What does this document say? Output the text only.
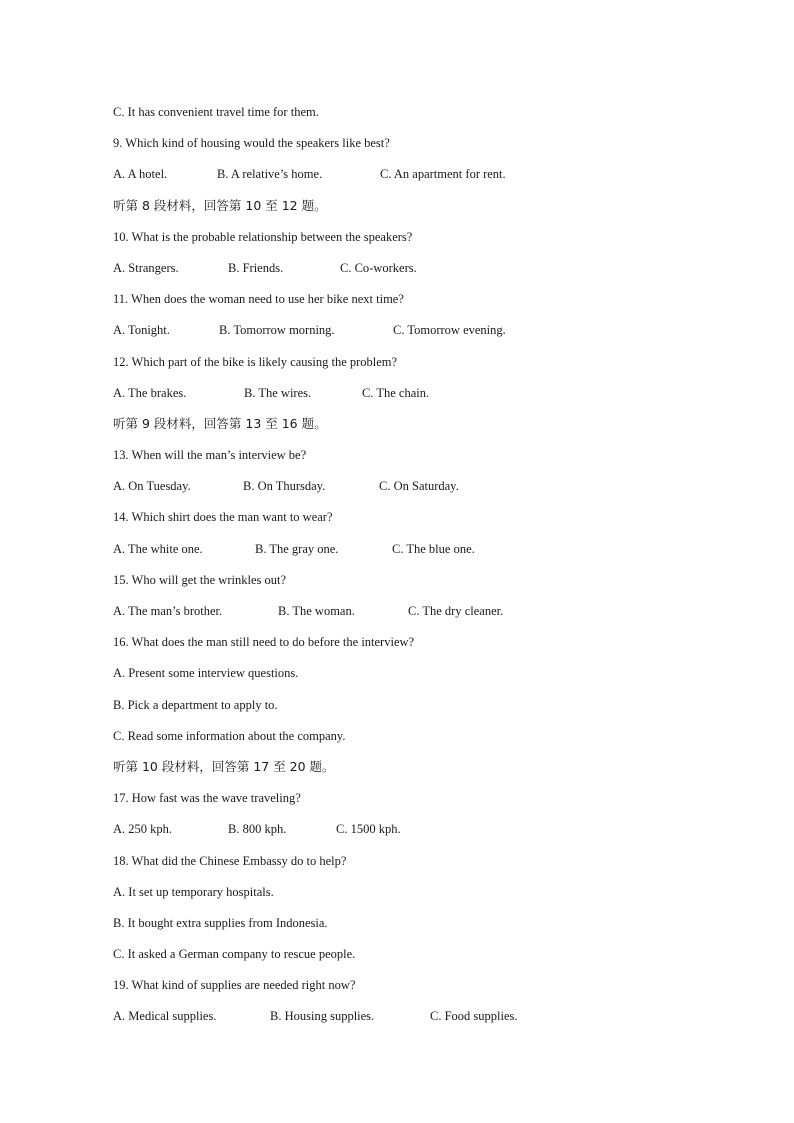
C. It has convenient travel time for them.
9. Which kind of housing would the speakers like best?
A. A hotel.	B. A relative’s home.	C. An apartment for rent.
听第 8 段材料，回答第 10 至 12 题。
10. What is the probable relationship between the speakers?
A. Strangers.	B. Friends.	C. Co-workers.
11. When does the woman need to use her bike next time?
A. Tonight.	B. Tomorrow morning.	C. Tomorrow evening.
12. Which part of the bike is likely causing the problem?
A. The brakes.	B. The wires.	C. The chain.
听第 9 段材料，回答第 13 至 16 题。
13. When will the man’s interview be?
A. On Tuesday.	B. On Thursday.	C. On Saturday.
14. Which shirt does the man want to wear?
A. The white one.	B. The gray one.	C. The blue one.
15. Who will get the wrinkles out?
A. The man’s brother.	B. The woman.	C. The dry cleaner.
16. What does the man still need to do before the interview?
A. Present some interview questions.
B. Pick a department to apply to.
C. Read some information about the company.
听第 10 段材料，回答第 17 至 20 题。
17. How fast was the wave traveling?
A. 250 kph.	B. 800 kph.	C. 1500 kph.
18. What did the Chinese Embassy do to help?
A. It set up temporary hospitals.
B. It bought extra supplies from Indonesia.
C. It asked a German company to rescue people.
19. What kind of supplies are needed right now?
A. Medical supplies.	B. Housing supplies.	C. Food supplies.
